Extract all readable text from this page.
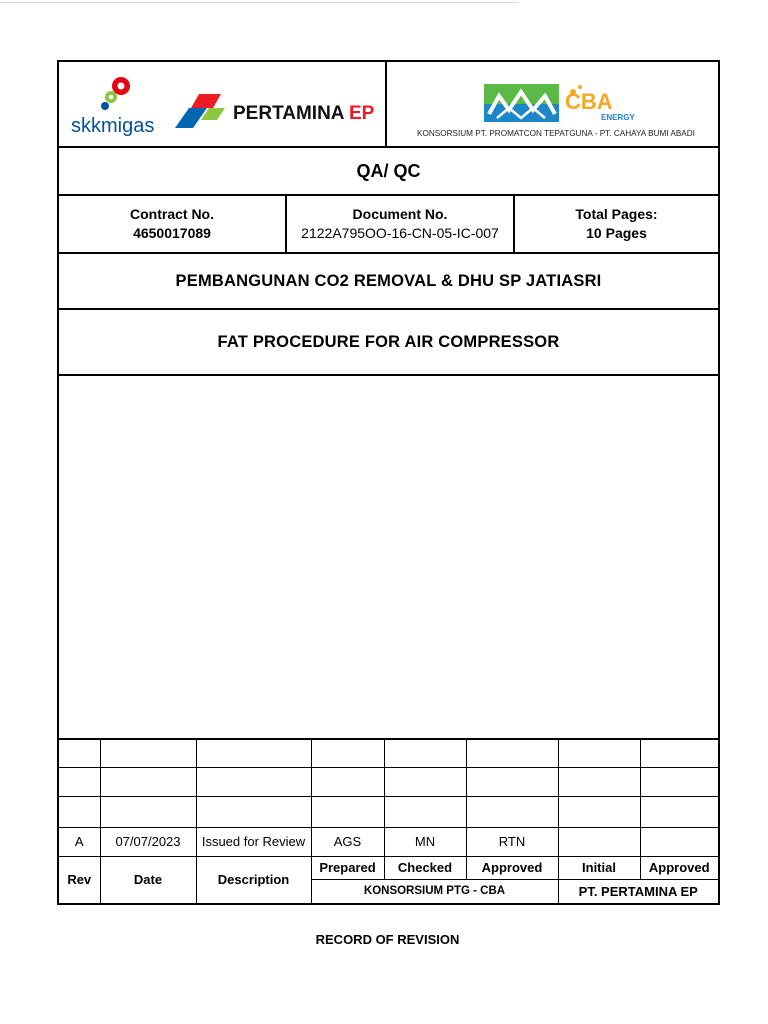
skkmigas
PERTAMINA EP	CBA
ENERGY
KONSORSIUM PT. PROMATCON TEPATGUNA - PT. CAHAYA BUMI ABADI
QA/ QC
Contract No.
4650017089
Document No.
2122A795OO-16-CN-05-IC-007
Total Pages:
10 Pages
PEMBANGUNAN CO2 REMOVAL & DHU SP JATIASRI
FAT PROCEDURE FOR AIR COMPRESSOR

A	07/07/2023	Issued for Review	AGS	MN	RTN		
Rev	Date	Description	Prepared	Checked	Approved	Initial	Approved
			KONSORSIUM PTG - CBA			PT. PERTAMINA EP	
RECORD OF REVISION
